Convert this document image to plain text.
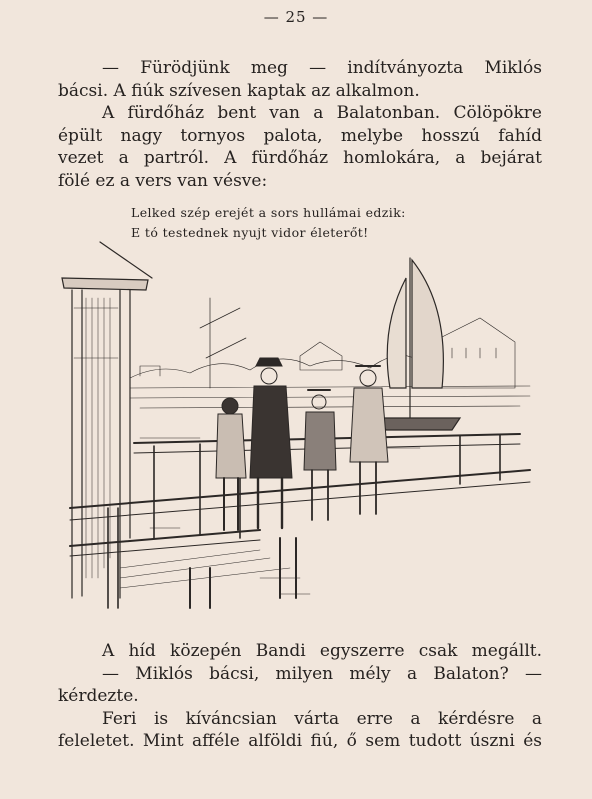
— 25 —
— Fürödjünk meg — indítványozta Miklós
bácsi. A fiúk szívesen kaptak az alkalmon.
A fürdőház bent van a Balatonban. Cölöpökre
épült nagy tornyos palota, melybe hosszú fahíd
vezet a partról. A fürdőház homlokára, a bejárat
fölé ez a vers van vésve:
Lelked szép erejét a sors hullámai edzik:
E tó testednek nyujt vidor életerőt!
A híd közepén Bandi egyszerre csak megállt.
— Miklós bácsi, milyen mély a Balaton? —
kérdezte.
Feri is kíváncsian várta erre a kérdésre a
feleletet. Mint afféle alföldi fiú, ő sem tudott úszni és
